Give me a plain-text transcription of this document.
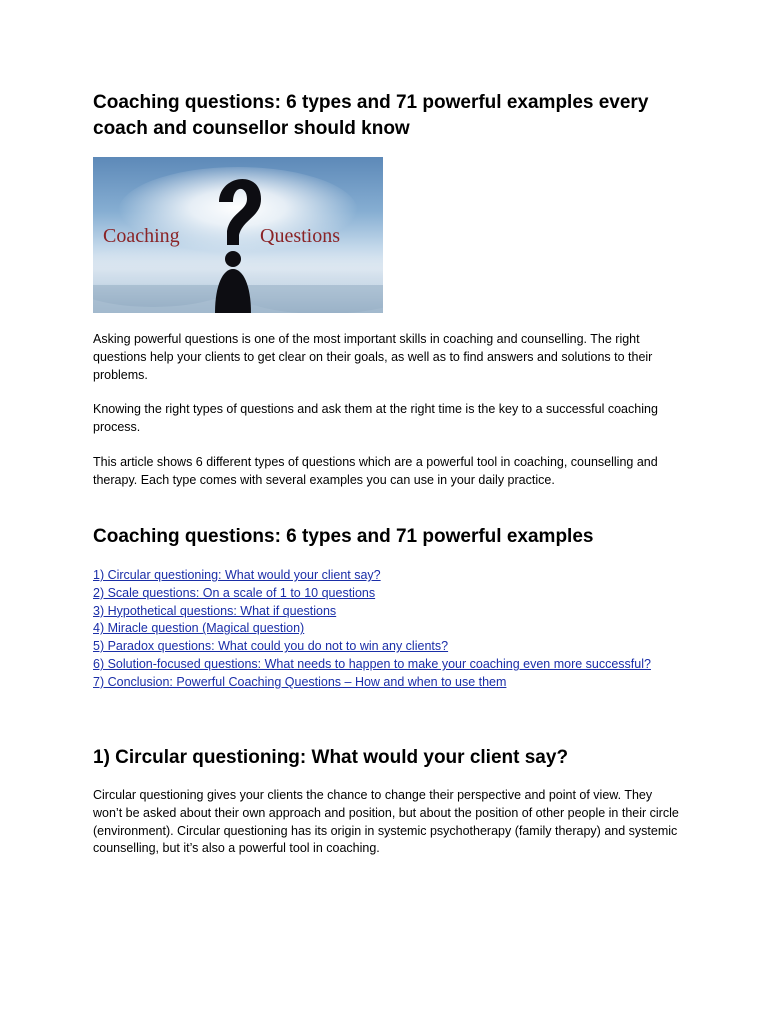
Coaching questions: 6 types and 71 powerful examples every coach and counsellor should know
Coaching	Questions

Asking powerful questions is one of the most important skills in coaching and counselling. The right questions help your clients to get clear on their goals, as well as to find answers and solutions to their problems.

Knowing the right types of questions and ask them at the right time is the key to a successful coaching process.

This article shows 6 different types of questions which are a powerful tool in coaching, counselling and therapy. Each type comes with several examples you can use in your daily practice.

Coaching questions: 6 types and 71 powerful examples
1) Circular questioning: What would your client say?
2) Scale questions: On a scale of 1 to 10 questions
3) Hypothetical questions: What if questions
4) Miracle question (Magical question)
5) Paradox questions: What could you do not to win any clients?
6) Solution-focused questions: What needs to happen to make your coaching even more successful?
7) Conclusion: Powerful Coaching Questions – How and when to use them
1) Circular questioning: What would your client say?

Circular questioning gives your clients the chance to change their perspective and point of view. They won’t be asked about their own approach and position, but about the position of other people in their circle (environment). Circular questioning has its origin in systemic psychotherapy (family therapy) and systemic counselling, but it’s also a powerful tool in coaching.
